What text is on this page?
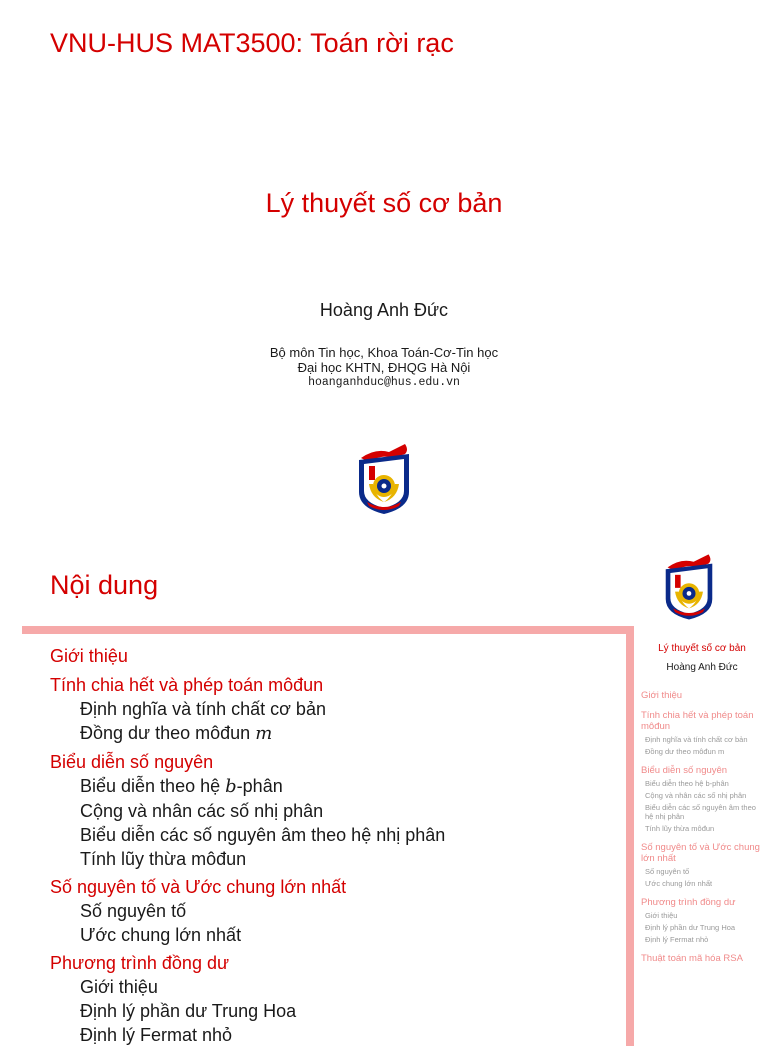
VNU-HUS MAT3500: Toán rời rạc
Lý thuyết số cơ bản
Hoàng Anh Đức
Bộ môn Tin học, Khoa Toán-Cơ-Tin học
Đại học KHTN, ĐHQG Hà Nội
hoanganhduc@hus.edu.vn
Nội dung
Giới thiệu
Tính chia hết và phép toán môđun
Định nghĩa và tính chất cơ bản
Đồng dư theo môđun m
Biểu diễn số nguyên
Biểu diễn theo hệ b-phân
Cộng và nhân các số nhị phân
Biểu diễn các số nguyên âm theo hệ nhị phân
Tính lũy thừa môđun
Số nguyên tố và Ước chung lớn nhất
Số nguyên tố
Ước chung lớn nhất
Phương trình đồng dư
Giới thiệu
Định lý phần dư Trung Hoa
Định lý Fermat nhỏ
Lý thuyết số cơ bản
Hoàng Anh Đức
Giới thiệu
Tính chia hết và phép toán môđun
Định nghĩa và tính chất cơ bản
Đồng dư theo môđun m
Biểu diễn số nguyên
Biểu diễn theo hệ b-phân
Cộng và nhân các số nhị phân
Biểu diễn các số nguyên âm theo hệ nhị phân
Tính lũy thừa môđun
Số nguyên tố và Ước chung lớn nhất
Số nguyên tố
Ước chung lớn nhất
Phương trình đồng dư
Giới thiệu
Định lý phần dư Trung Hoa
Định lý Fermat nhỏ
Thuật toán mã hóa RSA
